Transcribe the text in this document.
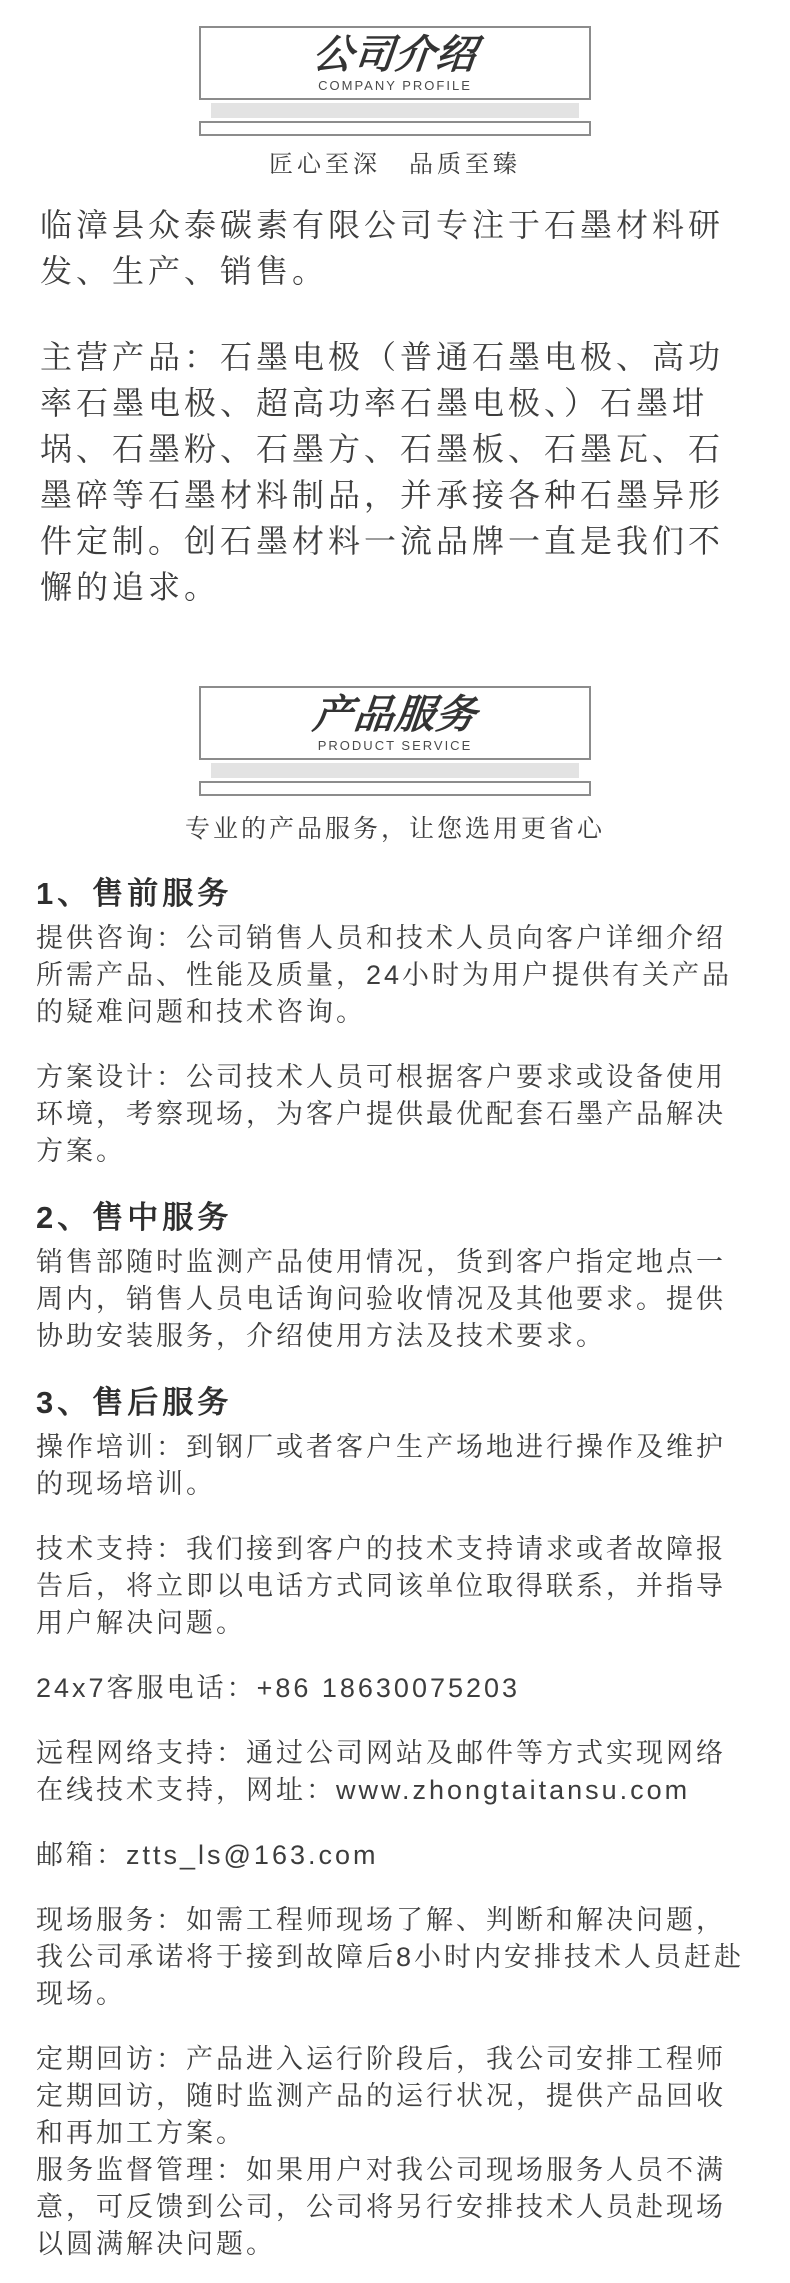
公司介绍
COMPANY PROFILE

匠心至深　品质至臻

临漳县众泰碳素有限公司专注于石墨材料研发、生产、销售。

主营产品：石墨电极（普通石墨电极、高功率石墨电极、超高功率石墨电极、）石墨坩埚、石墨粉、石墨方、石墨板、石墨瓦、石墨碎等石墨材料制品，并承接各种石墨异形件定制。创石墨材料一流品牌一直是我们不懈的追求。

产品服务
PRODUCT SERVICE

专业的产品服务，让您选用更省心

1、售前服务

提供咨询：公司销售人员和技术人员向客户详细介绍所需产品、性能及质量，24小时为用户提供有关产品的疑难问题和技术咨询。

方案设计：公司技术人员可根据客户要求或设备使用环境，考察现场，为客户提供最优配套石墨产品解决方案。

2、售中服务

销售部随时监测产品使用情况，货到客户指定地点一周内，销售人员电话询问验收情况及其他要求。提供协助安装服务，介绍使用方法及技术要求。

3、售后服务

操作培训：到钢厂或者客户生产场地进行操作及维护的现场培训。

技术支持：我们接到客户的技术支持请求或者故障报告后，将立即以电话方式同该单位取得联系，并指导用户解决问题。

24x7客服电话：+86 18630075203

远程网络支持：通过公司网站及邮件等方式实现网络在线技术支持，网址：www.zhongtaitansu.com

邮箱：ztts_ls@163.com

现场服务：如需工程师现场了解、判断和解决问题，我公司承诺将于接到故障后8小时内安排技术人员赶赴现场。

定期回访：产品进入运行阶段后，我公司安排工程师定期回访，随时监测产品的运行状况，提供产品回收和再加工方案。

服务监督管理：如果用户对我公司现场服务人员不满意，可反馈到公司，公司将另行安排技术人员赴现场以圆满解决问题。
